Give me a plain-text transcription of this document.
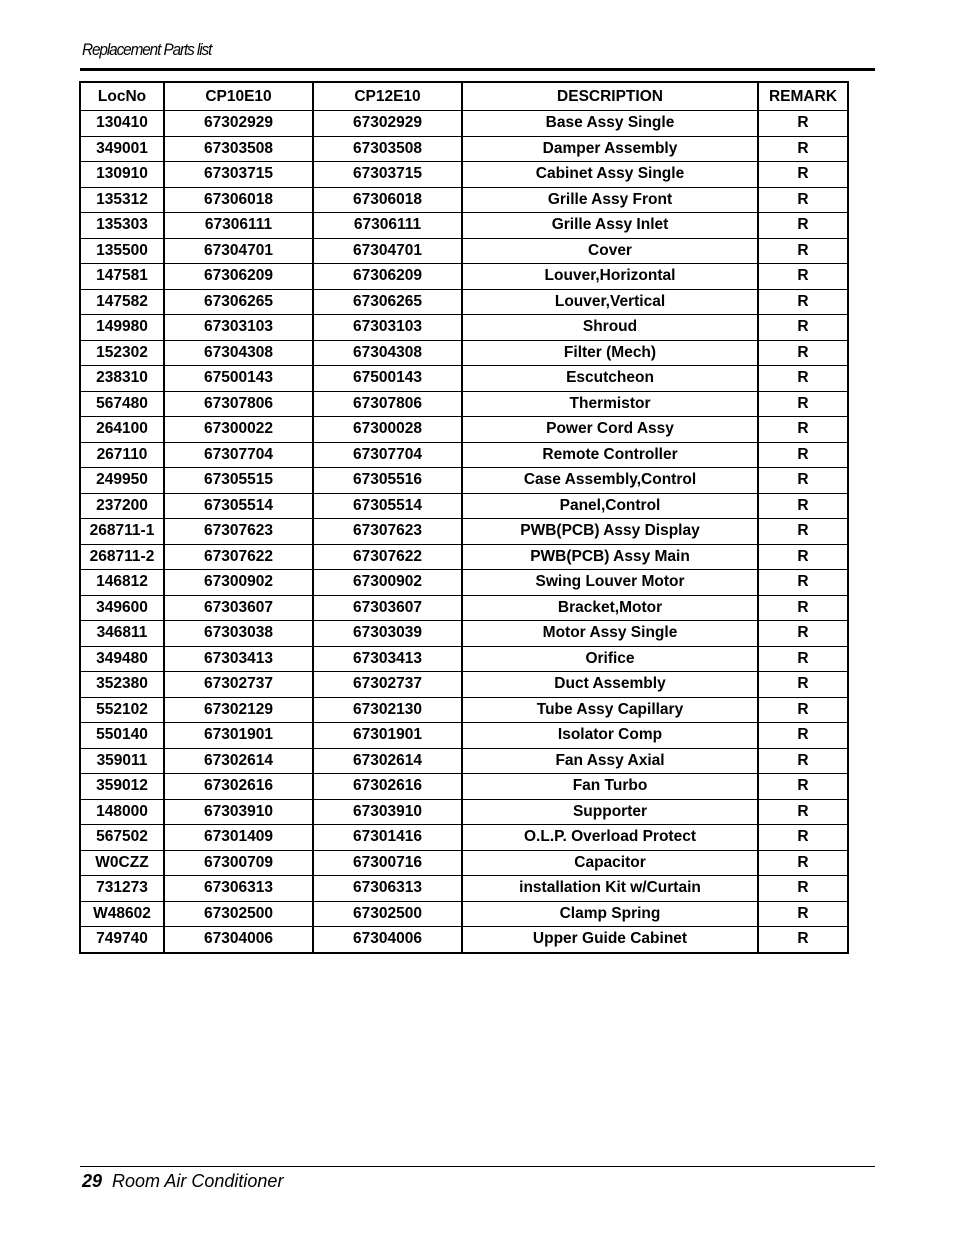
Replacement Parts list
LocNo	CP10E10	CP12E10	DESCRIPTION	REMARK
130410	67302929	67302929	Base Assy Single	R
349001	67303508	67303508	Damper Assembly	R
130910	67303715	67303715	Cabinet Assy Single	R
135312	67306018	67306018	Grille Assy Front	R
135303	67306111	67306111	Grille Assy Inlet	R
135500	67304701	67304701	Cover	R
147581	67306209	67306209	Louver,Horizontal	R
147582	67306265	67306265	Louver,Vertical	R
149980	67303103	67303103	Shroud	R
152302	67304308	67304308	Filter (Mech)	R
238310	67500143	67500143	Escutcheon	R
567480	67307806	67307806	Thermistor	R
264100	67300022	67300028	Power Cord Assy	R
267110	67307704	67307704	Remote Controller	R
249950	67305515	67305516	Case Assembly,Control	R
237200	67305514	67305514	Panel,Control	R
268711-1	67307623	67307623	PWB(PCB) Assy Display	R
268711-2	67307622	67307622	PWB(PCB) Assy Main	R
146812	67300902	67300902	Swing Louver Motor	R
349600	67303607	67303607	Bracket,Motor	R
346811	67303038	67303039	Motor Assy Single	R
349480	67303413	67303413	Orifice	R
352380	67302737	67302737	Duct Assembly	R
552102	67302129	67302130	Tube Assy Capillary	R
550140	67301901	67301901	Isolator Comp	R
359011	67302614	67302614	Fan Assy Axial	R
359012	67302616	67302616	Fan Turbo	R
148000	67303910	67303910	Supporter	R
567502	67301409	67301416	O.L.P. Overload Protect	R
W0CZZ	67300709	67300716	Capacitor	R
731273	67306313	67306313	installation Kit w/Curtain	R
W48602	67302500	67302500	Clamp Spring	R
749740	67304006	67304006	Upper Guide Cabinet	R
29 Room Air Conditioner
